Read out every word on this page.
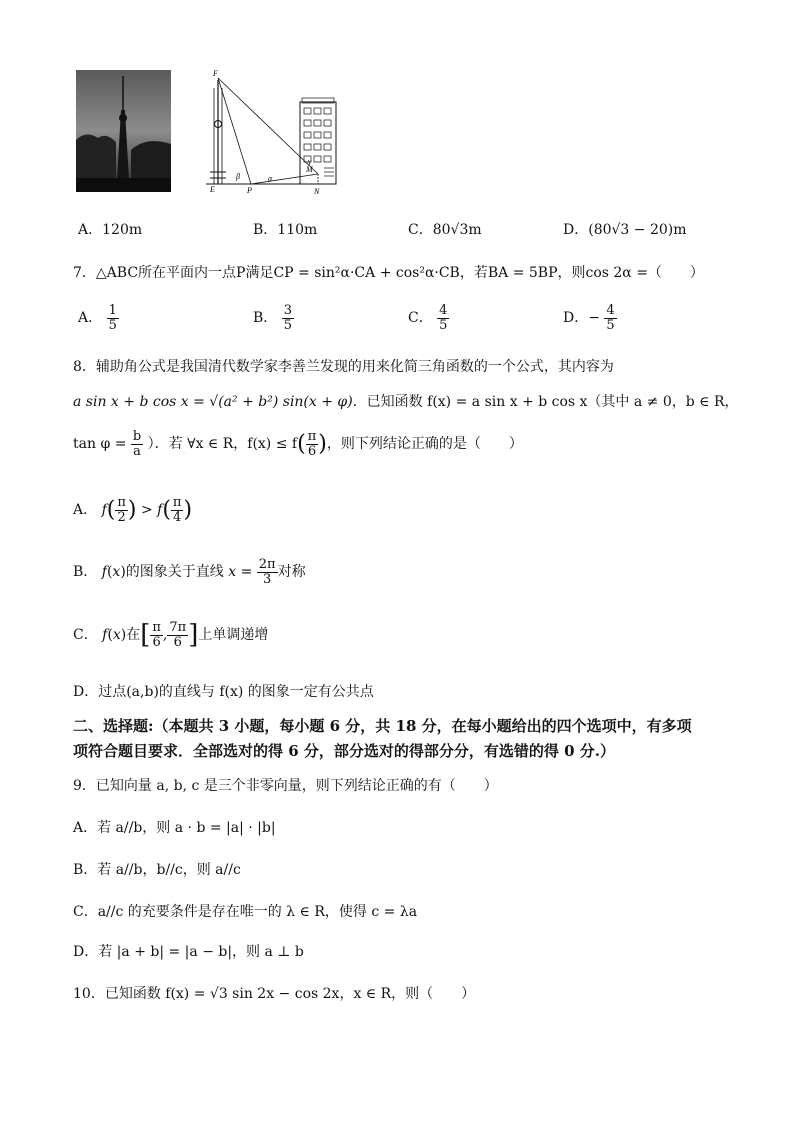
F
E	P	N
M
β	α
γ
A．120m	B．110m	C．80√3m	D．(80√3 − 20)m
7．△ABC所在平面内一点P满足CP = sin²α·CA + cos²α·CB，若BA = 5BP，则cos 2α =（　　）
A． $\frac{1}{5}$	B． $\frac{3}{5}$	C． $\frac{4}{5}$	D．− $\frac{4}{5}$
8．辅助角公式是我国清代数学家李善兰发现的用来化简三角函数的一个公式，其内容为
a sin x + b cos x = √(a² + b²) sin(x + φ)．已知函数 f(x) = a sin x + b cos x（其中 a ≠ 0，b ∈ R，
$\tan \varphi = \frac{b}{a}$ ）．若 ∀x ∈ R，$f(x) \le f( \frac{\pi}{6}$ )，则下列结论正确的是（　　）
A． $f( \frac{\pi}{2}$ ) > $f( \frac{\pi}{4}$ )
B． f(x)的图象关于直线 $x = \frac{2\pi}{3}$ 对称
C． f(x)在[ $\frac{\pi}{6}$ , $\frac{7\pi}{6}$ ]上单调递增
D．过点(a,b)的直线与 f(x) 的图象一定有公共点
二、选择题:（本题共 3 小题，每小题 6 分，共 18 分，在每小题给出的四个选项中，有多项
项符合题目要求．全部选对的得 6 分，部分选对的得部分分，有选错的得 0 分.）
9．已知向量 a, b, c 是三个非零向量，则下列结论正确的有（　　）
A．若 a//b，则 a · b = |a| · |b|
B．若 a//b，b//c，则 a//c
C．a//c 的充要条件是存在唯一的 λ ∈ R，使得 c = λa
D．若 |a + b| = |a − b|，则 a ⊥ b
10．已知函数 f(x) = √3 sin 2x − cos 2x，x ∈ R，则（　　）
